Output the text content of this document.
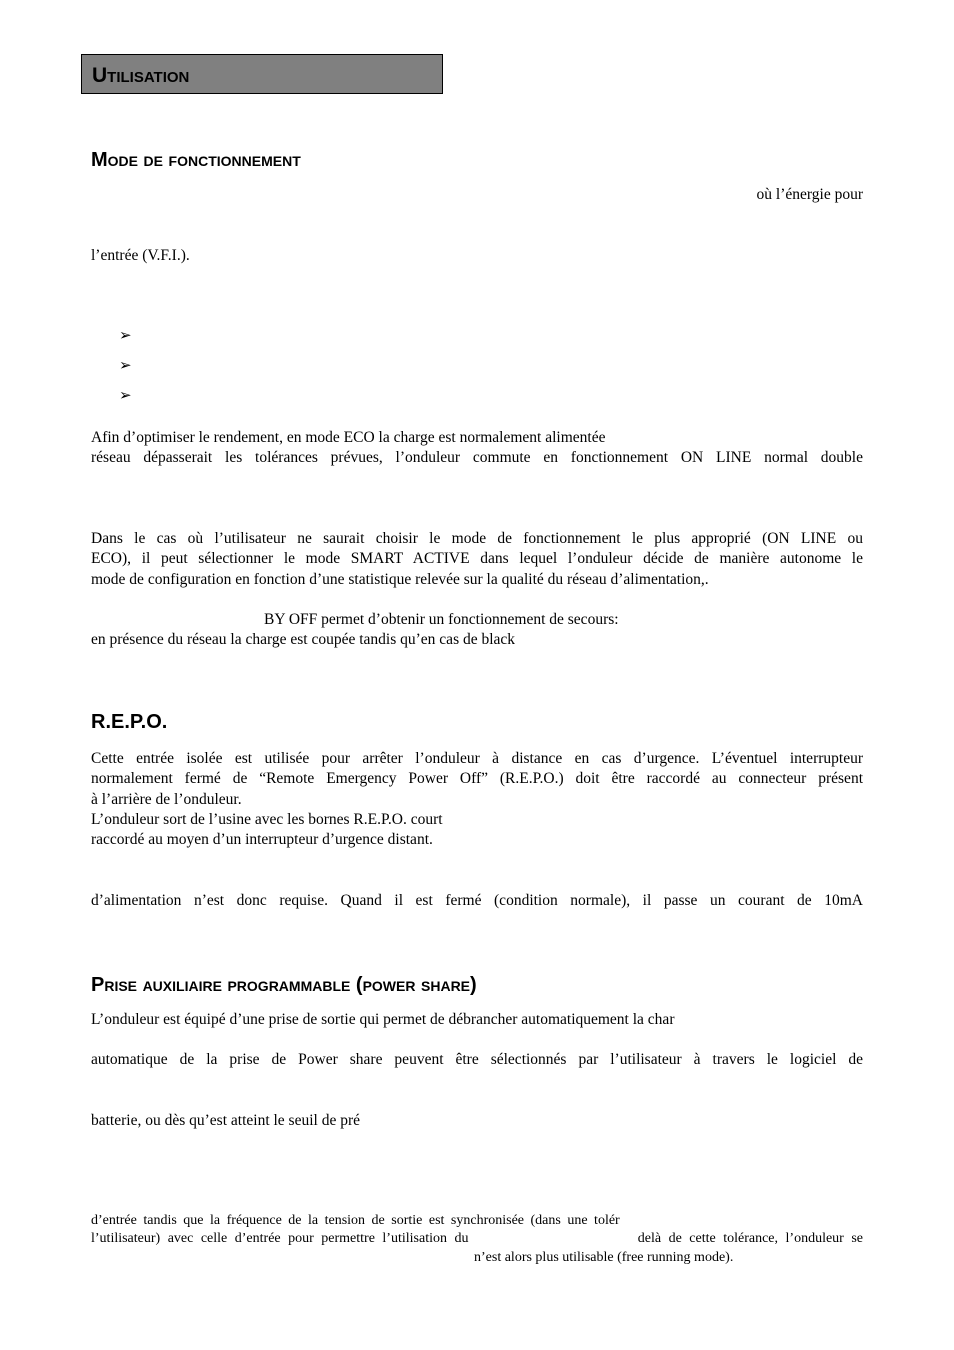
Utilisation
Mode de fonctionnement
où l’énergie pour
l’entrée (V.F.I.).
➢
➢
➢
Afin d’optimiser le rendement, en mode ECO la charge est normalement alimentée
réseau dépasserait les tolérances prévues, l’onduleur commute en fonctionnement ON LINE normal double
Dans le cas où l’utilisateur ne saurait choisir le mode de fonctionnement le plus approprié (ON LINE ou
ECO), il peut sélectionner le mode SMART ACTIVE dans lequel l’onduleur décide de manière autonome le
mode de configuration en fonction d’une statistique relevée sur la qualité du réseau d’alimentation,.
BY OFF permet d’obtenir un fonctionnement de secours:
en présence du réseau la charge est coupée tandis qu’en cas de black
R.E.P.O.
Cette entrée isolée est utilisée pour arrêter l’onduleur à distance en cas d’urgence. L’éventuel interrupteur
normalement fermé de “Remote Emergency Power Off” (R.E.P.O.) doit être raccordé au connecteur présent
à l’arrière de l’onduleur.
L’onduleur sort de l’usine avec les bornes R.E.P.O. court
raccordé au moyen d’un interrupteur d’urgence distant.
d’alimentation n’est donc requise. Quand il est fermé (condition normale), il passe un courant de 10mA
Prise auxiliaire programmable (power share)
L’onduleur est équipé d’une prise de sortie qui permet de débrancher automatiquement la char
automatique de la prise de Power share peuvent être sélectionnés par l’utilisateur à travers le logiciel de
batterie, ou dès qu’est atteint le seuil de pré
d’entrée tandis que la fréquence de la tension de sortie est synchronisée (dans une tolér
l’utilisateur) avec celle d’entrée pour permettre l’utilisation du	delà de cette tolérance, l’onduleur se
n’est alors plus utilisable (free running mode).
